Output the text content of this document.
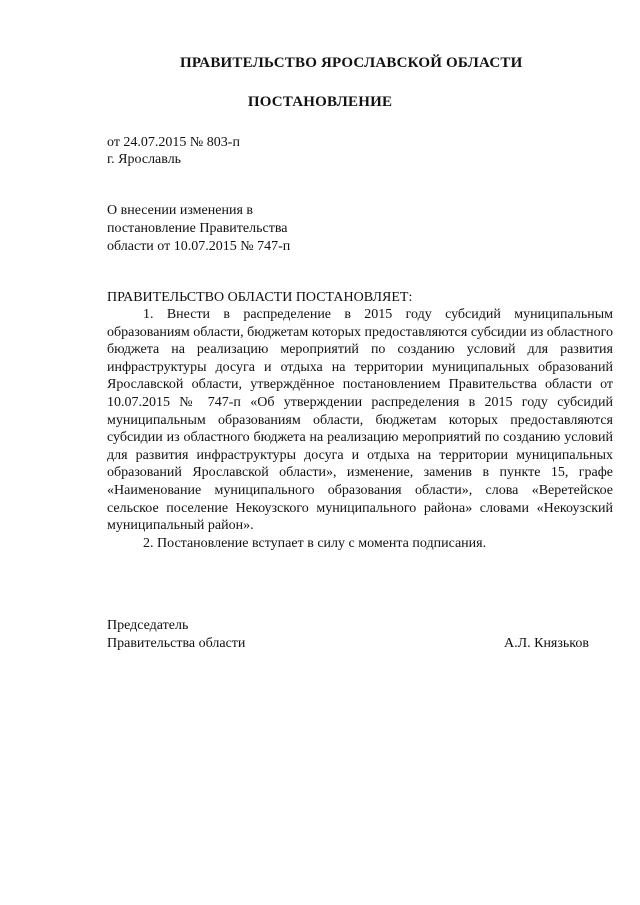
ПРАВИТЕЛЬСТВО ЯРОСЛАВСКОЙ ОБЛАСТИ
ПОСТАНОВЛЕНИЕ
от 24.07.2015 № 803-п
г. Ярославль
О внесении изменения в
постановление Правительства
области от 10.07.2015 № 747-п
ПРАВИТЕЛЬСТВО ОБЛАСТИ ПОСТАНОВЛЯЕТ:

1. Внести в распределение в 2015 году субсидий муниципальным образованиям области, бюджетам которых предоставляются субсидии из областного бюджета на реализацию мероприятий по созданию условий для развития инфраструктуры досуга и отдыха на территории муниципальных образований Ярославской области, утверждённое постановлением Правительства области от 10.07.2015 № 747-п «Об утверждении распределения в 2015 году субсидий муниципальным образованиям области, бюджетам которых предоставляются субсидии из областного бюджета на реализацию мероприятий по созданию условий для развития инфраструктуры досуга и отдыха на территории муниципальных образований Ярославской области», изменение, заменив в пункте 15, графе «Наименование муниципального образования области», слова «Веретейское сельское поселение Некоузского муниципального района» словами «Некоузский муниципальный район».

2. Постановление вступает в силу с момента подписания.

Председатель
Правительства области	А.Л. Князьков
